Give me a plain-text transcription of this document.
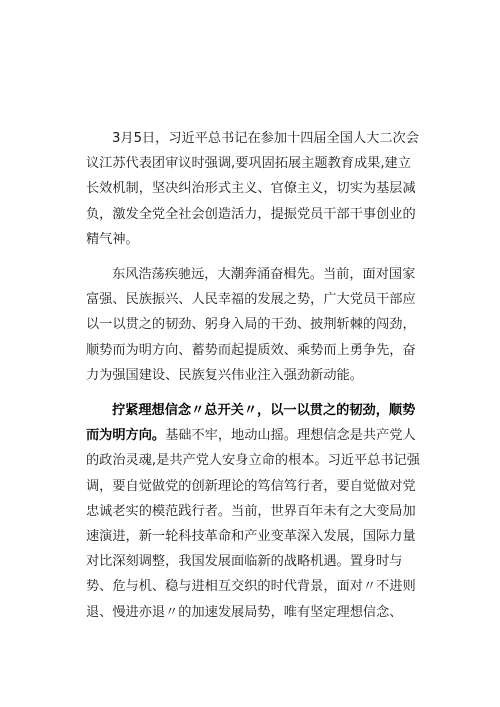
3月5日，习近平总书记在参加十四届全国人大二次会议江苏代表团审议时强调,要巩固拓展主题教育成果,建立长效机制，坚决纠治形式主义、官僚主义，切实为基层减负，激发全党全社会创造活力，提振党员干部干事创业的精气神。

东风浩荡疾驰远，大潮奔涌奋楫先。当前，面对国家富强、民族振兴、人民幸福的发展之势，广大党员干部应以一以贯之的韧劲、躬身入局的干劲、披荆斩棘的闯劲，顺势而为明方向、蓄势而起提质效、乘势而上勇争先，奋力为强国建设、民族复兴伟业注入强劲新动能。

拧紧理想信念〃总开关〃，以一以贯之的韧劲，顺势而为明方向。基础不牢，地动山摇。理想信念是共产党人的政治灵魂,是共产党人安身立命的根本。习近平总书记强调，要自觉做党的创新理论的笃信笃行者，要自觉做对党忠诚老实的模范践行者。当前，世界百年未有之大变局加速演进，新一轮科技革命和产业变革深入发展，国际力量对比深刻调整，我国发展面临新的战略机遇。置身时与势、危与机、稳与进相互交织的时代背景，面对〃不进则退、慢进亦退〃的加速发展局势，唯有坚定理想信念、
